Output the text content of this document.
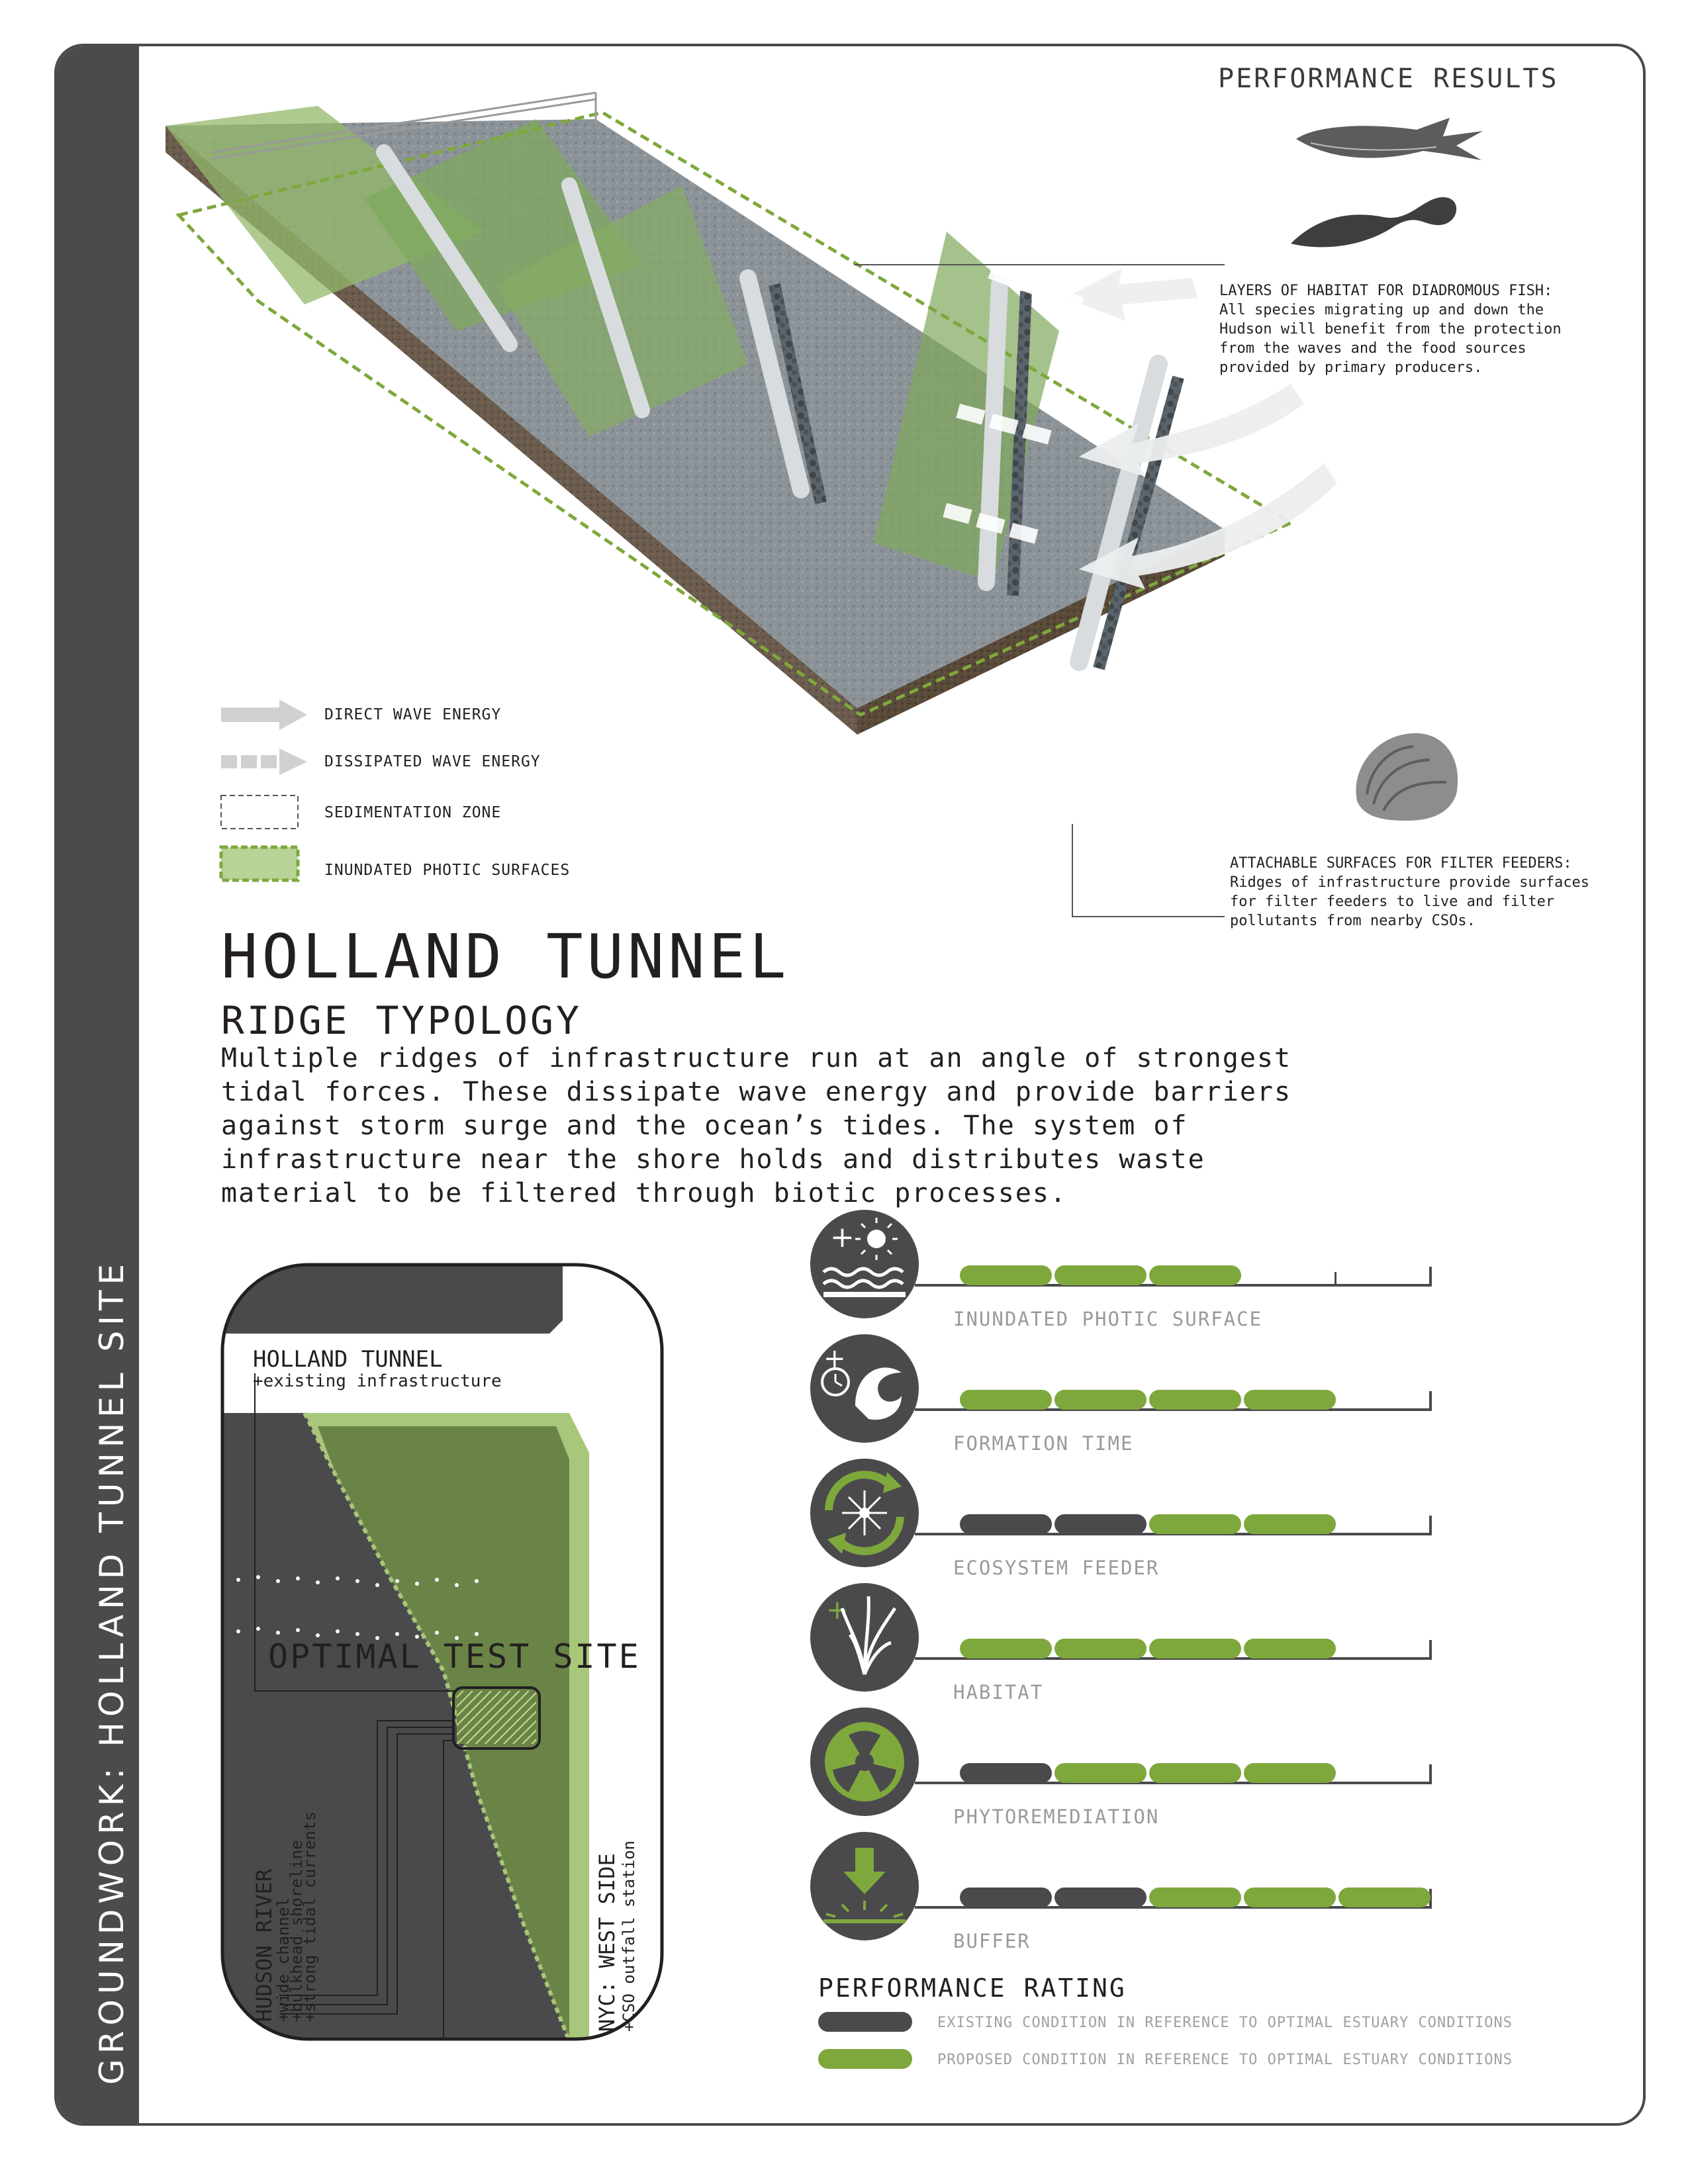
GROUNDWORK: HOLLAND TUNNEL SITE
PERFORMANCE RESULTS
LAYERS OF HABITAT FOR DIADROMOUS FISH:
All species migrating up and down the
Hudson will benefit from the protection
from the waves and the food sources
provided by primary producers.
ATTACHABLE SURFACES FOR FILTER FEEDERS:
Ridges of infrastructure provide surfaces
for filter feeders to live and filter
pollutants from nearby CSOs.
DIRECT WAVE ENERGY
DISSIPATED WAVE ENERGY
SEDIMENTATION ZONE
INUNDATED PHOTIC SURFACES
HOLLAND TUNNEL
RIDGE TYPOLOGY
Multiple ridges of infrastructure run at an angle of strongest tidal forces. These dissipate wave energy and provide barriers against storm surge and the ocean’s tides. The system of infrastructure near the shore holds and distributes waste material to be filtered through biotic processes.
HOLLAND TUNNEL
+existing infrastructure
OPTIMAL TEST SITE
HUDSON RIVER
+wide channel
+bulkhead shoreline
+strong tidal currents	NYC: WEST SIDE +CSO outfall station
+
INUNDATED PHOTIC SURFACE
+
FORMATION TIME
ECOSYSTEM FEEDER
+
HABITAT
PHYTOREMEDIATION
BUFFER
PERFORMANCE RATING
EXISTING CONDITION IN REFERENCE TO OPTIMAL ESTUARY CONDITIONS
PROPOSED CONDITION IN REFERENCE TO OPTIMAL ESTUARY CONDITIONS
